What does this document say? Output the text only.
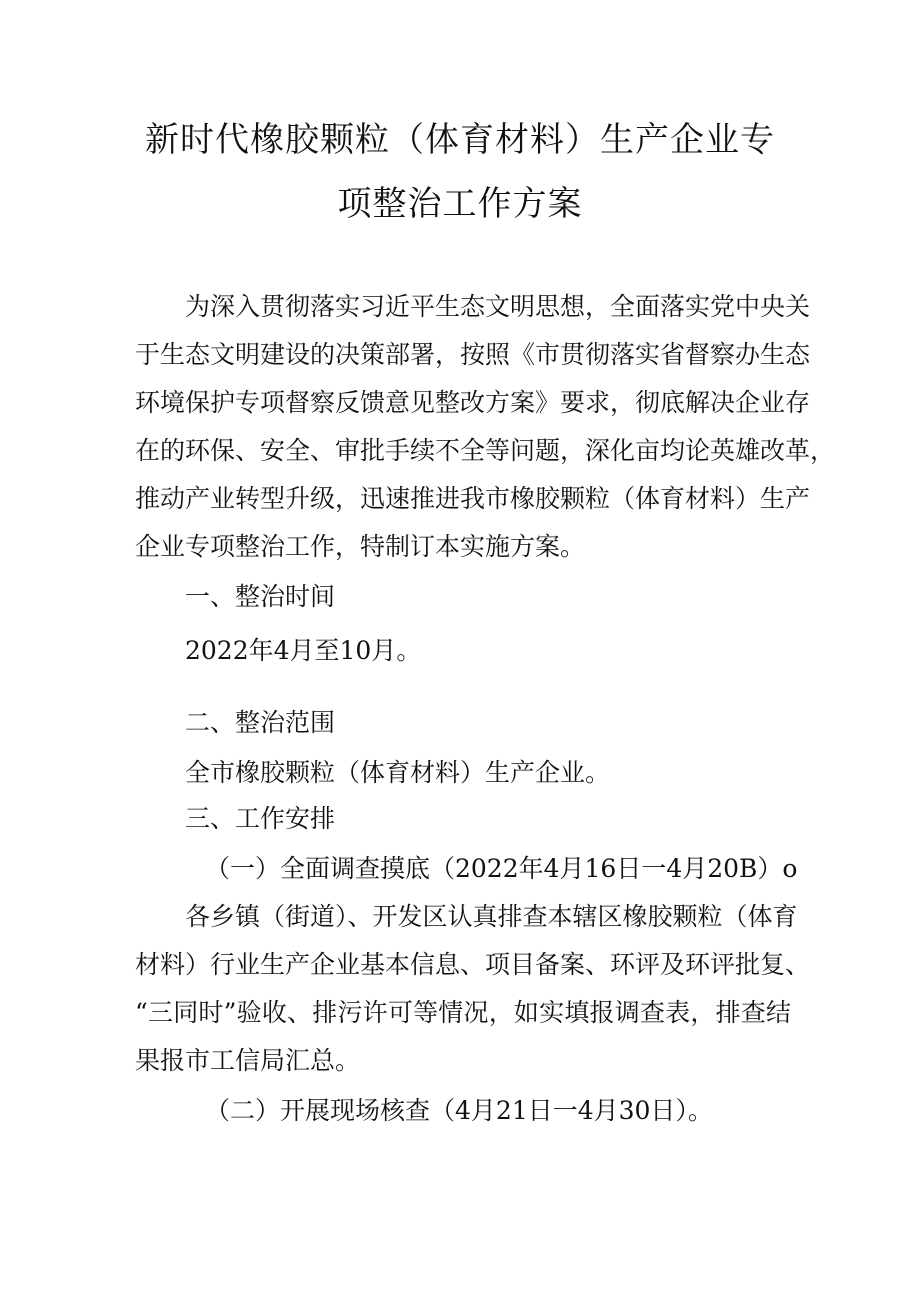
新时代橡胶颗粒（体育材料）生产企业专
项整治工作方案
为深入贯彻落实习近平生态文明思想，全面落实党中央关
于生态文明建设的决策部署，按照《市贯彻落实省督察办生态
环境保护专项督察反馈意见整改方案》要求，彻底解决企业存
在的环保、安全、审批手续不全等问题，深化亩均论英雄改革，
推动产业转型升级，迅速推进我市橡胶颗粒（体育材料）生产
企业专项整治工作，特制订本实施方案。
一、整治时间
2022年4月至10月。
二、整治范围
全市橡胶颗粒（体育材料）生产企业。
三、工作安排
（一）全面调查摸底（2022年4月16日一4月20B）o
各乡镇（街道）、开发区认真排查本辖区橡胶颗粒（体育
材料）行业生产企业基本信息、项目备案、环评及环评批复、
“三同时”验收、排污许可等情况，如实填报调查表，排查结
果报市工信局汇总。
（二）开展现场核查（4月21日一4月30日）。
